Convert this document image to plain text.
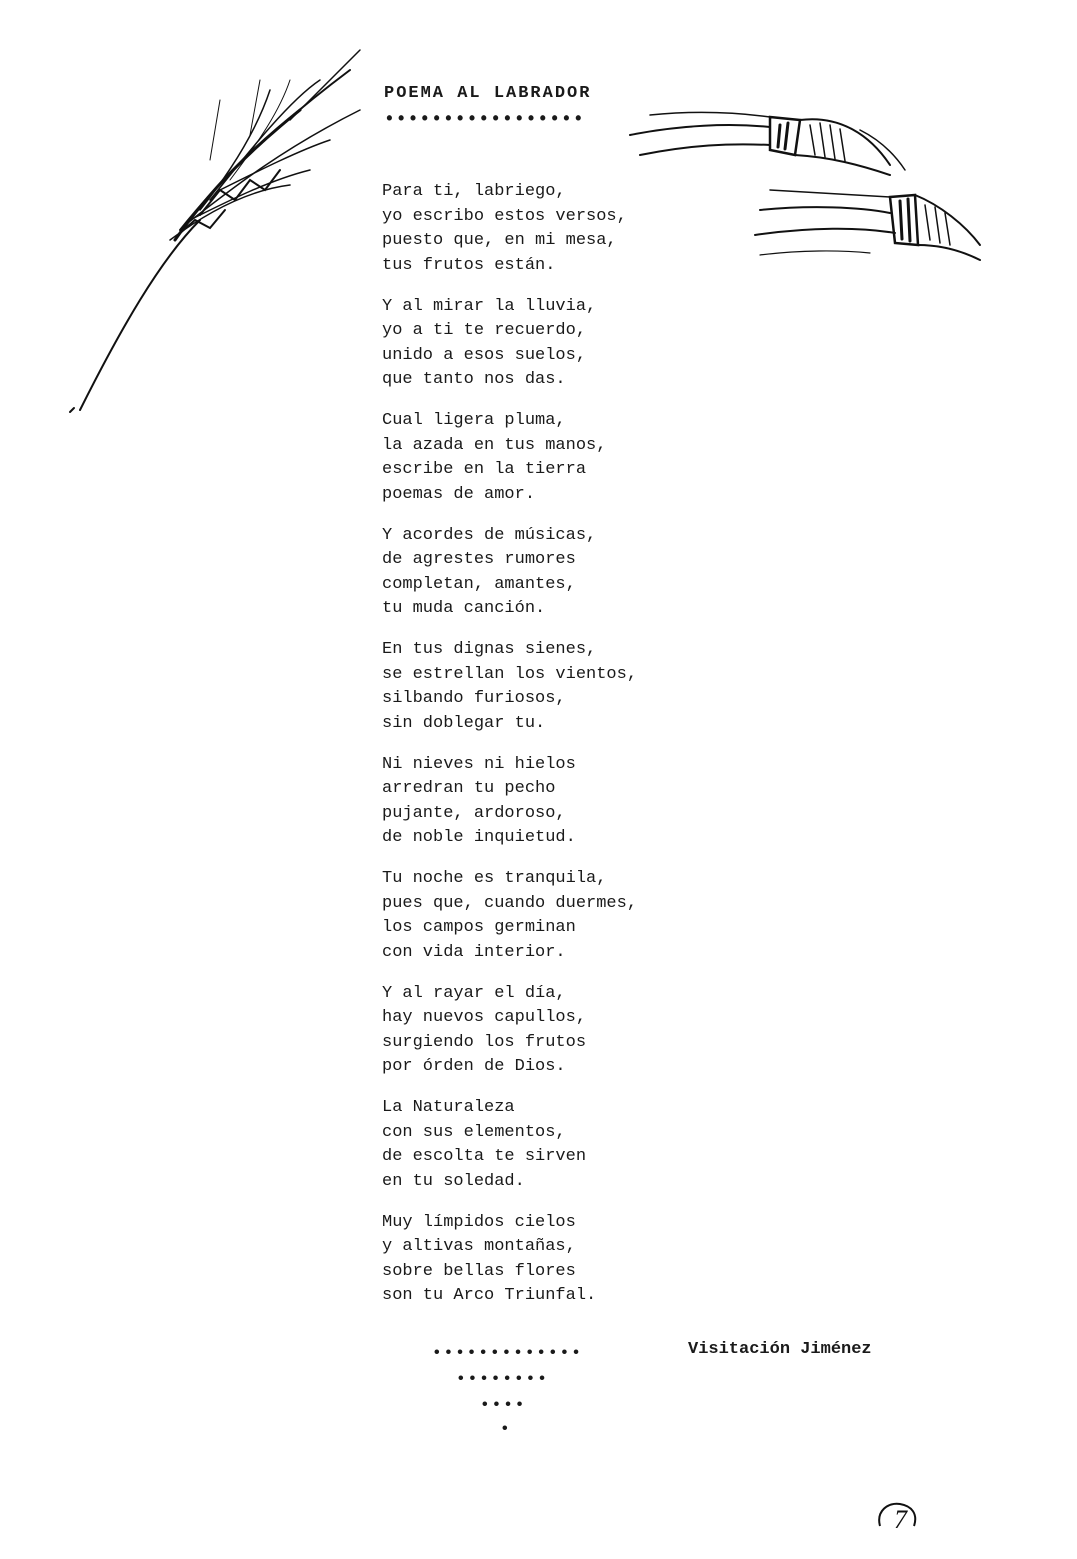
POEMA AL LABRADOR
•••••••••••••••••
Para ti, labriego,
yo escribo estos versos,
puesto que, en mi mesa,
tus frutos están.
Y al mirar la lluvia,
yo a ti te recuerdo,
unido a esos suelos,
que tanto nos das.
Cual ligera pluma,
la azada en tus manos,
escribe en la tierra
poemas de amor.
Y acordes de músicas,
de agrestes rumores
completan, amantes,
tu muda canción.
En tus dignas sienes,
se estrellan los vientos,
silbando furiosos,
sin doblegar tu.
Ni nieves ni hielos
arredran tu pecho
pujante, ardoroso,
de noble inquietud.
Tu noche es tranquila,
pues que, cuando duermes,
los campos germinan
con vida interior.
Y al rayar el día,
hay nuevos capullos,
surgiendo los frutos
por órden de Dios.
La Naturaleza
con sus elementos,
de escolta te sirven
en tu soledad.
Muy límpidos cielos
y altivas montañas,
sobre bellas flores
son tu Arco Triunfal.
•••••••••••••
••••••••
••••
•
Visitación Jiménez
7
